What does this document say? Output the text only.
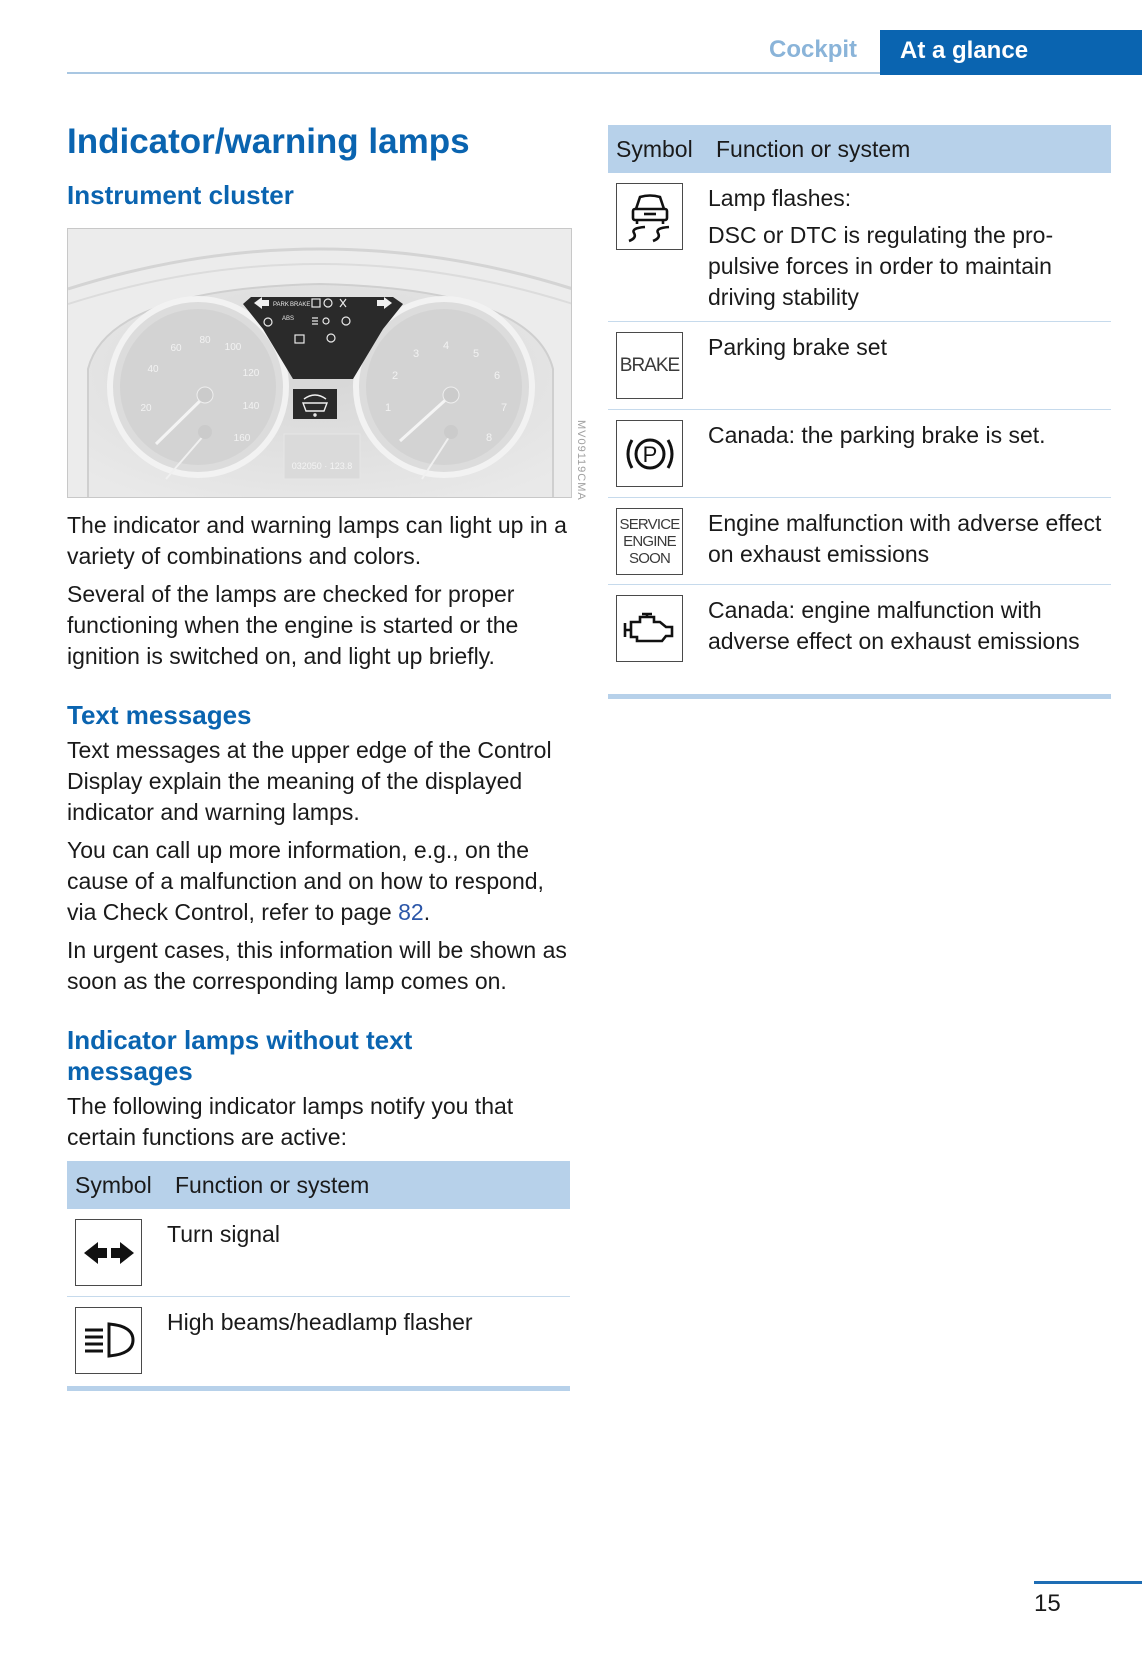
Cockpit	At a glance
Indicator/warning lamps
Instrument cluster
20
40
60
80
100
120
140
160
1
2
3
4
5
6
7
8
PARK BRAKE
ABS
032050 · 123.8

The indicator and warning lamps can light up in a variety of combinations and colors.

Several of the lamps are checked for proper functioning when the engine is started or the ignition is switched on, and light up briefly.

Text messages

Text messages at the upper edge of the Control Display explain the meaning of the displayed indicator and warning lamps.

You can call up more information, e.g., on the cause of a malfunction and on how to respond, via Check Control, refer to page 82.

In urgent cases, this information will be shown as soon as the corresponding lamp comes on.

Indicator lamps without text messages

The following indicator lamps notify you that certain functions are active:

Symbol	Function or system

	Turn signal

	High beams/headlamp flasher
MV09119CMA
Symbol	Function or system

Lamp flashes:
DSC or DTC is regulating the propulsive forces in order to maintain driving stability

BRAKE	Parking brake set

P	Canada: the parking brake is set.

SERVICE
ENGINE
SOON	Engine malfunction with adverse effect on exhaust emissions

	Canada: engine malfunction with adverse effect on exhaust emissions
15
